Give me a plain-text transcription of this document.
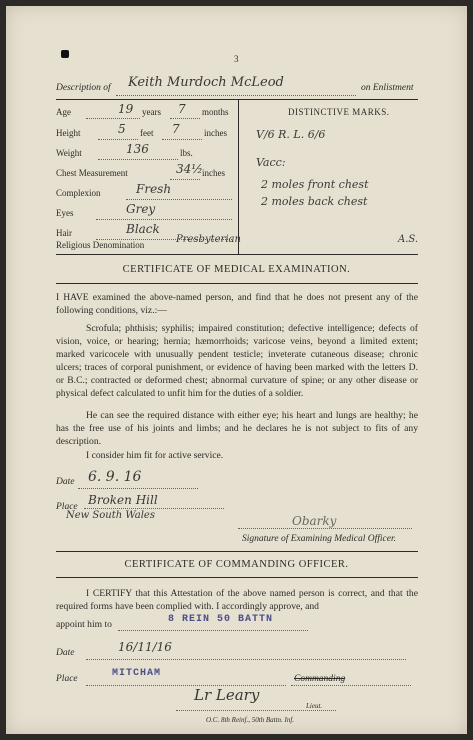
3
Description of Keith Murdoch McLeod	on Enlistment
Age	19 years 7 months
Height	5 feet 7	inches
Weight	136	lbs.
Chest Measurement	34½ inches
Complexion	Fresh
Eyes	Grey
Hair	Black
Religious Denomination	Presbyterian
DISTINCTIVE MARKS.
V/6 R. L. 6/6
Vacc:
2 moles front chest
2 moles back chest
A.S.
CERTIFICATE OF MEDICAL EXAMINATION.
I HAVE examined the above-named person, and find that he does not present any of the following conditions, viz.:—
Scrofula; phthisis; syphilis; impaired constitution; defective intelligence; defects of vision, voice, or hearing; hernia; hæmorrhoids; varicose veins, beyond a limited extent; marked varicocele with unusually pendent testicle; inveterate cutaneous disease; chronic ulcers; traces of corporal punishment, or evidence of having been marked with the letters D. or B.C.; contracted or deformed chest; abnormal curvature of spine; or any other disease or physical defect calculated to unfit him for the duties of a soldier.
He can see the required distance with either eye; his heart and lungs are healthy; he has the free use of his joints and limbs; and he declares he is not subject to fits of any description.
I consider him fit for active service.
Date 6. 9. 16
Place Broken Hill
New South Wales	Obarky
Signature of Examining Medical Officer.
CERTIFICATE OF COMMANDING OFFICER.
I CERTIFY that this Attestation of the above named person is correct, and that the required forms have been complied with. I accordingly approve, and
appoint him to	8 REIN 50 BATTN
Date	16/11/16
Place	MITCHAM	Commanding
Lr Leary
Lieut.
O.C. 8th Reinf., 50th Battn. Inf.
